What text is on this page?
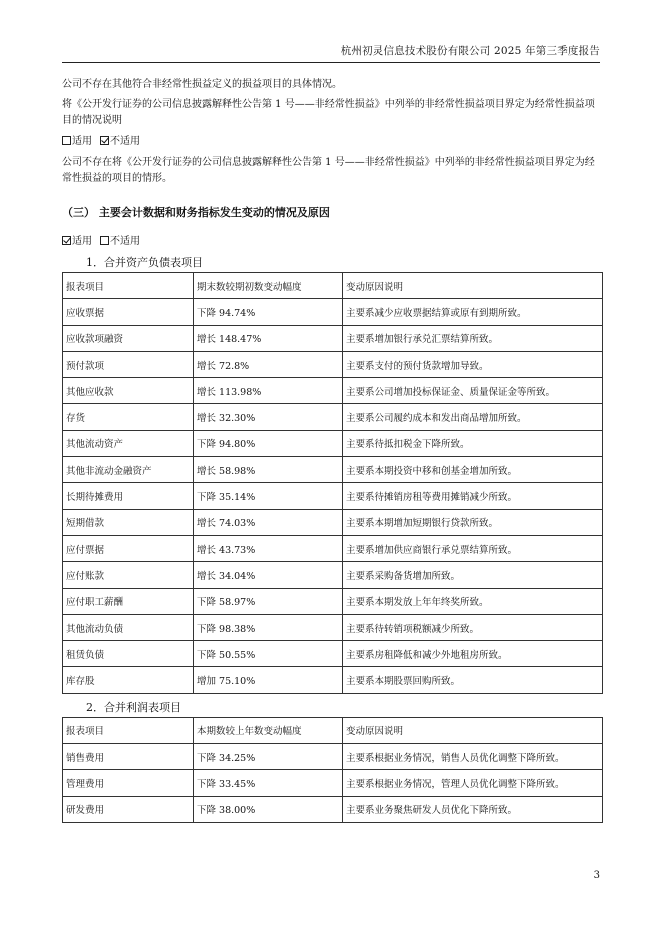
杭州初灵信息技术股份有限公司 2025 年第三季度报告

公司不存在其他符合非经常性损益定义的损益项目的具体情况。

将《公开发行证券的公司信息披露解释性公告第 1 号——非经常性损益》中列举的非经常性损益项目界定为经常性损益项目的情况说明

适用 不适用

公司不存在将《公开发行证券的公司信息披露解释性公告第 1 号——非经常性损益》中列举的非经常性损益项目界定为经常性损益的项目的情形。

（三） 主要会计数据和财务指标发生变动的情况及原因
适用 不适用
1．合并资产负债表项目
报表项目	期末数较期初数变动幅度	变动原因说明
应收票据	下降 94.74%	主要系减少应收票据结算或原有到期所致。
应收款项融资	增长 148.47%	主要系增加银行承兑汇票结算所致。
预付款项	增长 72.8%	主要系支付的预付货款增加导致。
其他应收款	增长 113.98%	主要系公司增加投标保证金、质量保证金等所致。
存货	增长 32.30%	主要系公司履约成本和发出商品增加所致。
其他流动资产	下降 94.80%	主要系待抵扣税金下降所致。
其他非流动金融资产	增长 58.98%	主要系本期投资中移和创基金增加所致。
长期待摊费用	下降 35.14%	主要系待摊销房租等费用摊销减少所致。
短期借款	增长 74.03%	主要系本期增加短期银行贷款所致。
应付票据	增长 43.73%	主要系增加供应商银行承兑票结算所致。
应付账款	增长 34.04%	主要系采购备货增加所致。
应付职工薪酬	下降 58.97%	主要系本期发放上年年终奖所致。
其他流动负债	下降 98.38%	主要系待转销项税额减少所致。
租赁负债	下降 50.55%	主要系房租降低和减少外地租房所致。
库存股	增加 75.10%	主要系本期股票回购所致。
2．合并利润表项目
报表项目	本期数较上年数变动幅度	变动原因说明
销售费用	下降 34.25%	主要系根据业务情况，销售人员优化调整下降所致。
管理费用	下降 33.45%	主要系根据业务情况，管理人员优化调整下降所致。
研发费用	下降 38.00%	主要系业务聚焦研发人员优化下降所致。
3
